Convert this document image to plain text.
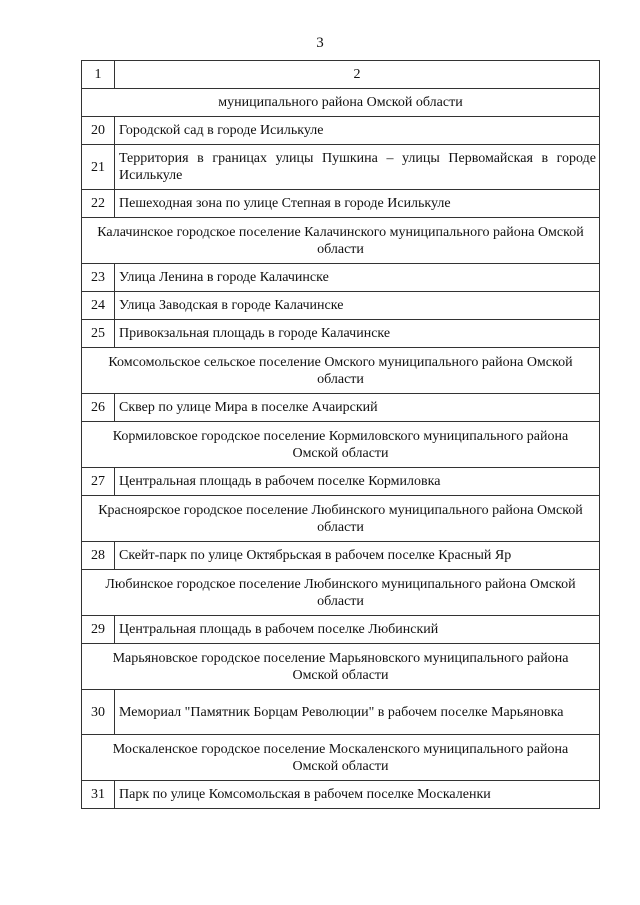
3
1	2
муниципального района Омской области	
20	Городской сад в городе Исилькуле
21	Территория в границах улицы Пушкина – улицы Первомайская в городе Исилькуле
22	Пешеходная зона по улице Степная в городе Исилькуле
Калачинское городское поселение Калачинского муниципального района Омской области	
23	Улица Ленина в городе Калачинске
24	Улица Заводская в городе Калачинске
25	Привокзальная площадь в городе Калачинске
Комсомольское сельское поселение Омского муниципального района Омской области	
26	Сквер по улице Мира в поселке Ачаирский
Кормиловское городское поселение Кормиловского муниципального района Омской области	
27	Центральная площадь в рабочем поселке Кормиловка
Красноярское городское поселение Любинского муниципального района Омской области	
28	Скейт-парк по улице Октябрьская в рабочем поселке Красный Яр
Любинское городское поселение Любинского муниципального района Омской области	
29	Центральная площадь в рабочем поселке Любинский
Марьяновское городское поселение Марьяновского муниципального района Омской области	
30	Мемориал "Памятник Борцам Революции" в рабочем поселке Марьяновка
Москаленское городское поселение Москаленского муниципального района Омской области	
31	Парк по улице Комсомольская в рабочем поселке Москаленки
